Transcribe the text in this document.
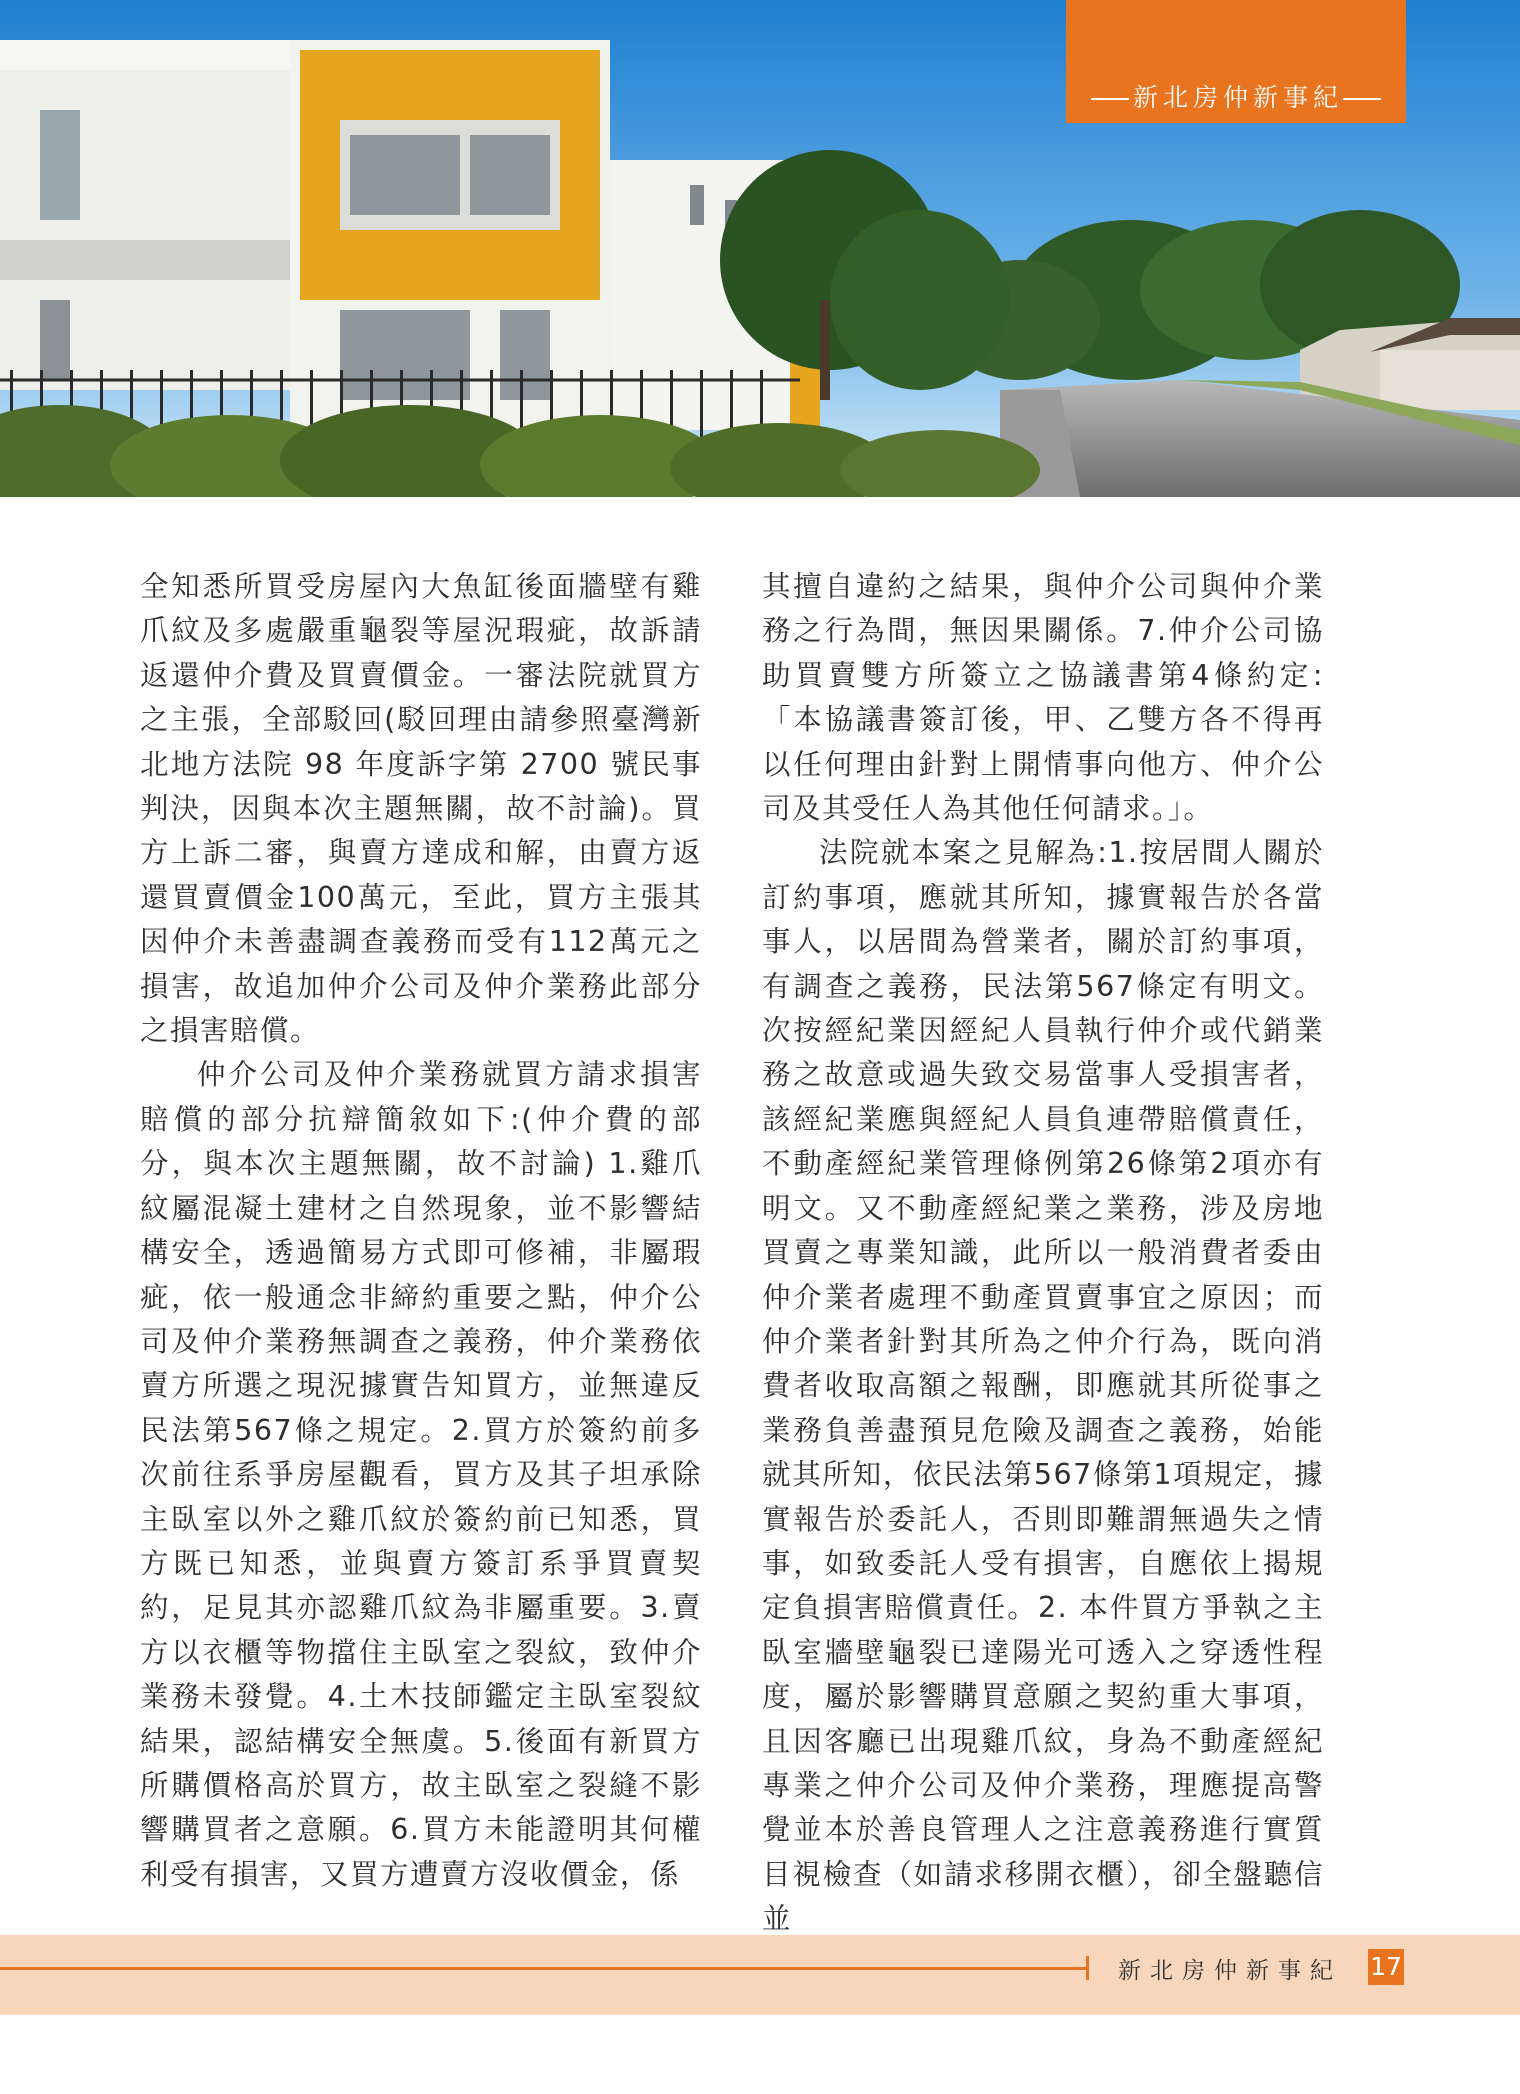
新北房仲新事紀

全知悉所買受房屋內大魚缸後面牆壁有雞爪紋及多處嚴重龜裂等屋況瑕疵，故訴請返還仲介費及買賣價金。一審法院就買方之主張，全部駁回(駁回理由請參照臺灣新北地方法院 98 年度訴字第 2700 號民事判決，因與本次主題無關，故不討論)。買方上訴二審，與賣方達成和解，由賣方返還買賣價金100萬元，至此，買方主張其因仲介未善盡調查義務而受有112萬元之損害，故追加仲介公司及仲介業務此部分之損害賠償。

仲介公司及仲介業務就買方請求損害賠償的部分抗辯簡敘如下:(仲介費的部分，與本次主題無關，故不討論) 1.雞爪紋屬混凝土建材之自然現象，並不影響結構安全，透過簡易方式即可修補，非屬瑕疵，依一般通念非締約重要之點，仲介公司及仲介業務無調查之義務，仲介業務依賣方所選之現況據實告知買方，並無違反民法第567條之規定。2.買方於簽約前多次前往系爭房屋觀看，買方及其子坦承除主臥室以外之雞爪紋於簽約前已知悉，買方既已知悉，並與賣方簽訂系爭買賣契約，足見其亦認雞爪紋為非屬重要。3.賣方以衣櫃等物擋住主臥室之裂紋，致仲介業務未發覺。4.土木技師鑑定主臥室裂紋結果，認結構安全無虞。5.後面有新買方所購價格高於買方，故主臥室之裂縫不影響購買者之意願。6.買方未能證明其何權利受有損害，又買方遭賣方沒收價金，係

其擅自違約之結果，與仲介公司與仲介業務之行為間，無因果關係。7.仲介公司協助買賣雙方所簽立之協議書第4條約定:「本協議書簽訂後，甲、乙雙方各不得再以任何理由針對上開情事向他方、仲介公司及其受任人為其他任何請求。」。

法院就本案之見解為:1.按居間人關於訂約事項，應就其所知，據實報告於各當事人，以居間為營業者，關於訂約事項，有調查之義務，民法第567條定有明文。次按經紀業因經紀人員執行仲介或代銷業務之故意或過失致交易當事人受損害者，該經紀業應與經紀人員負連帶賠償責任，不動產經紀業管理條例第26條第2項亦有明文。又不動產經紀業之業務，涉及房地買賣之專業知識，此所以一般消費者委由仲介業者處理不動產買賣事宜之原因；而仲介業者針對其所為之仲介行為，既向消費者收取高額之報酬，即應就其所從事之業務負善盡預見危險及調查之義務，始能就其所知，依民法第567條第1項規定，據實報告於委託人，否則即難謂無過失之情事，如致委託人受有損害，自應依上揭規定負損害賠償責任。2. 本件買方爭執之主臥室牆壁龜裂已達陽光可透入之穿透性程度，屬於影響購買意願之契約重大事項，且因客廳已出現雞爪紋，身為不動產經紀專業之仲介公司及仲介業務，理應提高警覺並本於善良管理人之注意義務進行實質目視檢查（如請求移開衣櫃），卻全盤聽信並

新北房仲新事紀 17
